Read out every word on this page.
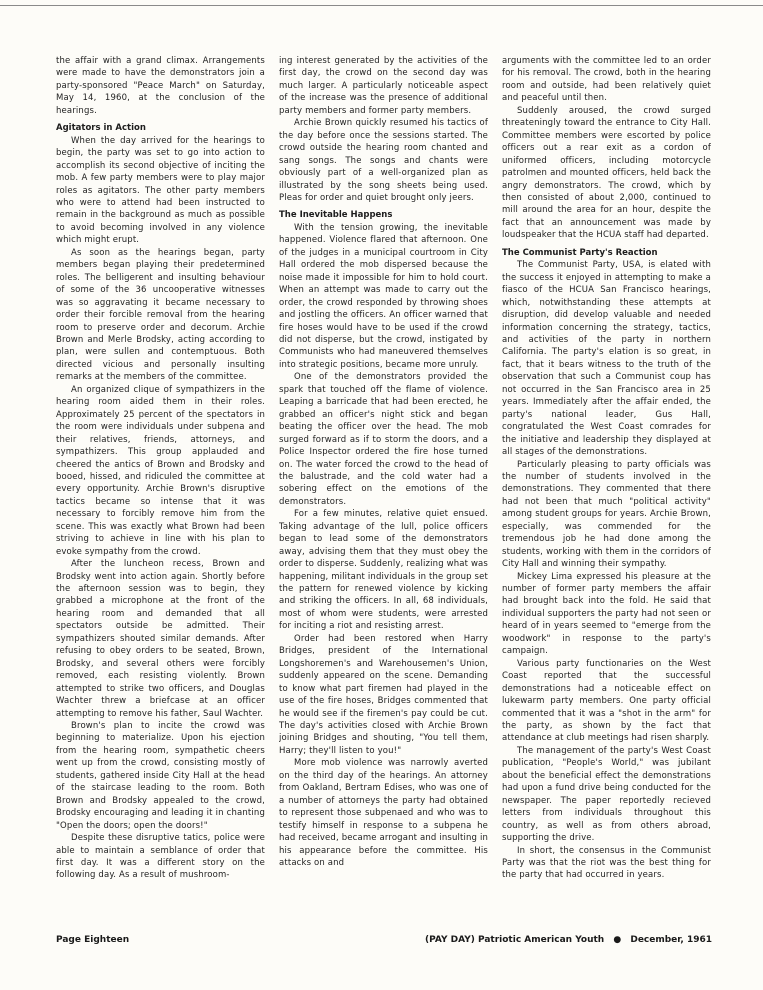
the affair with a grand climax. Arrangements were made to have the demonstrators join a party-sponsored "Peace March" on Saturday, May 14, 1960, at the conclusion of the hearings.

Agitators in Action

When the day arrived for the hearings to begin, the party was set to go into action to accomplish its second objective of inciting the mob. A few party members were to play major roles as agitators. The other party members who were to attend had been instructed to remain in the background as much as possible to avoid becoming involved in any violence which might erupt.

As soon as the hearings began, party members began playing their predetermined roles. The belligerent and insulting behaviour of some of the 36 uncooperative witnesses was so aggravating it became necessary to order their forcible removal from the hearing room to preserve order and decorum. Archie Brown and Merle Brodsky, acting according to plan, were sullen and contemptuous. Both directed vicious and personally insulting remarks at the members of the committee.

An organized clique of sympathizers in the hearing room aided them in their roles. Approximately 25 percent of the spectators in the room were individuals under subpena and their relatives, friends, attorneys, and sympathizers. This group applauded and cheered the antics of Brown and Brodsky and booed, hissed, and ridiculed the committee at every opportunity. Archie Brown's disruptive tactics became so intense that it was necessary to forcibly remove him from the scene. This was exactly what Brown had been striving to achieve in line with his plan to evoke sympathy from the crowd.

After the luncheon recess, Brown and Brodsky went into action again. Shortly before the afternoon session was to begin, they grabbed a microphone at the front of the hearing room and demanded that all spectators outside be admitted. Their sympathizers shouted similar demands. After refusing to obey orders to be seated, Brown, Brodsky, and several others were forcibly removed, each resisting violently. Brown attempted to strike two officers, and Douglas Wachter threw a briefcase at an officer attempting to remove his father, Saul Wachter.

Brown's plan to incite the crowd was beginning to materialize. Upon his ejection from the hearing room, sympathetic cheers went up from the crowd, consisting mostly of students, gathered inside City Hall at the head of the staircase leading to the room. Both Brown and Brodsky appealed to the crowd, Brodsky encouraging and leading it in chanting "Open the doors; open the doors!"

Despite these disruptive tatics, police were able to maintain a semblance of order that first day. It was a different story on the following day. As a result of mushroom-

ing interest generated by the activities of the first day, the crowd on the second day was much larger. A particularly noticeable aspect of the increase was the presence of additional party members and former party members.

Archie Brown quickly resumed his tactics of the day before once the sessions started. The crowd outside the hearing room chanted and sang songs. The songs and chants were obviously part of a well-organized plan as illustrated by the song sheets being used. Pleas for order and quiet brought only jeers.

The Inevitable Happens

With the tension growing, the inevitable happened. Violence flared that afternoon. One of the judges in a municipal courtroom in City Hall ordered the mob dispersed because the noise made it impossible for him to hold court. When an attempt was made to carry out the order, the crowd responded by throwing shoes and jostling the officers. An officer warned that fire hoses would have to be used if the crowd did not disperse, but the crowd, instigated by Communists who had maneuvered themselves into strategic positions, became more unruly.

One of the demonstrators provided the spark that touched off the flame of violence. Leaping a barricade that had been erected, he grabbed an officer's night stick and began beating the officer over the head. The mob surged forward as if to storm the doors, and a Police Inspector ordered the fire hose turned on. The water forced the crowd to the head of the balustrade, and the cold water had a sobering effect on the emotions of the demonstrators.

For a few minutes, relative quiet ensued. Taking advantage of the lull, police officers began to lead some of the demonstrators away, advising them that they must obey the order to disperse. Suddenly, realizing what was happening, militant individuals in the group set the pattern for renewed violence by kicking and striking the officers. In all, 68 individuals, most of whom were students, were arrested for inciting a riot and resisting arrest.

Order had been restored when Harry Bridges, president of the International Longshoremen's and Warehousemen's Union, suddenly appeared on the scene. Demanding to know what part firemen had played in the use of the fire hoses, Bridges commented that he would see if the firemen's pay could be cut. The day's activities closed with Archie Brown joining Bridges and shouting, "You tell them, Harry; they'll listen to you!"

More mob violence was narrowly averted on the third day of the hearings. An attorney from Oakland, Bertram Edises, who was one of a number of attorneys the party had obtained to represent those subpenaed and who was to testify himself in response to a subpena he had received, became arrogant and insulting in his appearance before the committee. His attacks on and

arguments with the committee led to an order for his removal. The crowd, both in the hearing room and outside, had been relatively quiet and peaceful until then.

Suddenly aroused, the crowd surged threateningly toward the entrance to City Hall. Committee members were escorted by police officers out a rear exit as a cordon of uniformed officers, including motorcycle patrolmen and mounted officers, held back the angry demonstrators. The crowd, which by then consisted of about 2,000, continued to mill around the area for an hour, despite the fact that an announcement was made by loudspeaker that the HCUA staff had departed.

The Communist Party's Reaction

The Communist Party, USA, is elated with the success it enjoyed in attempting to make a fiasco of the HCUA San Francisco hearings, which, notwithstanding these attempts at disruption, did develop valuable and needed information concerning the strategy, tactics, and activities of the party in northern California. The party's elation is so great, in fact, that it bears witness to the truth of the observation that such a Communist coup has not occurred in the San Francisco area in 25 years. Immediately after the affair ended, the party's national leader, Gus Hall, congratulated the West Coast comrades for the initiative and leadership they displayed at all stages of the demonstrations.

Particularly pleasing to party officials was the number of students involved in the demonstrations. They commented that there had not been that much "political activity" among student groups for years. Archie Brown, especially, was commended for the tremendous job he had done among the students, working with them in the corridors of City Hall and winning their sympathy.

Mickey Lima expressed his pleasure at the number of former party members the affair had brought back into the fold. He said that individual supporters the party had not seen or heard of in years seemed to "emerge from the woodwork" in response to the party's campaign.

Various party functionaries on the West Coast reported that the successful demonstrations had a noticeable effect on lukewarm party members. One party official commented that it was a "shot in the arm" for the party, as shown by the fact that attendance at club meetings had risen sharply.

The management of the party's West Coast publication, "People's World," was jubilant about the beneficial effect the demonstrations had upon a fund drive being conducted for the newspaper. The paper reportedly recieved letters from individuals throughout this country, as well as from others abroad, supporting the drive.

In short, the consensus in the Communist Party was that the riot was the best thing for the party that had occurred in years.

Page Eighteen	(PAY DAY) Patriotic American Youth ● December, 1961
